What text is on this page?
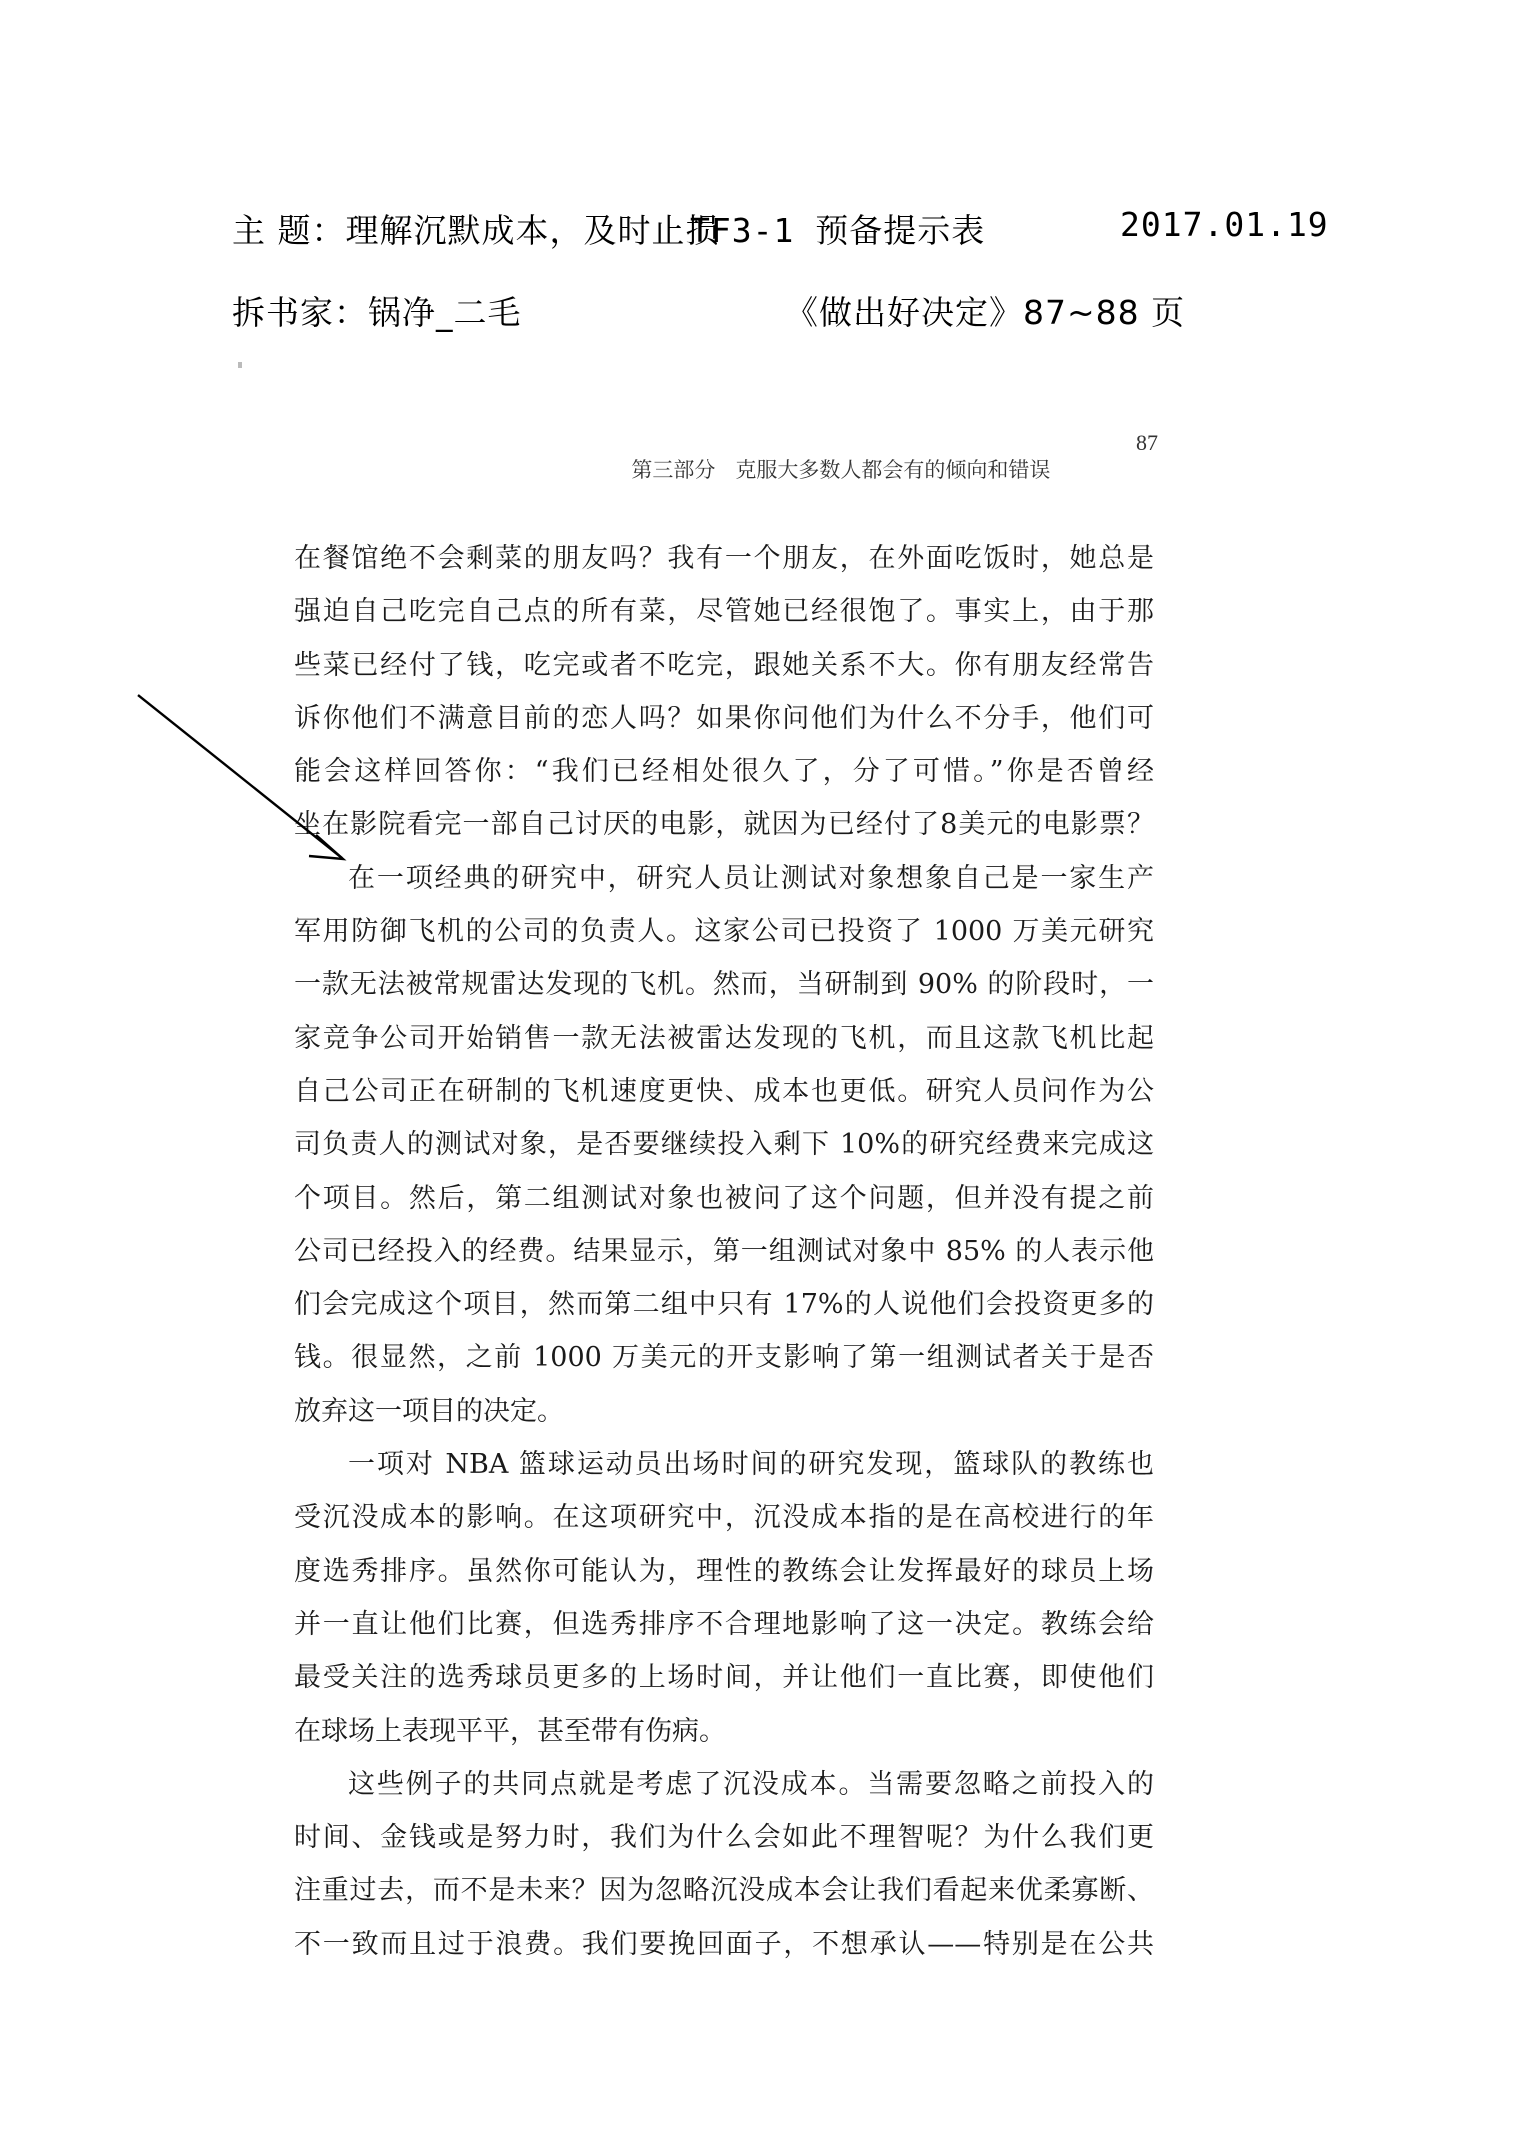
主 题：理解沉默成本，及时止损
TF3-1 预备提示表	2017.01.19
拆书家：锅净_二毛	《做出好决定》87~88 页

第三部分   克服大多数人都会有的倾向和错误

87

在餐馆绝不会剩菜的朋友吗？我有一个朋友，在外面吃饭时，她总是
强迫自己吃完自己点的所有菜，尽管她已经很饱了。事实上，由于那
些菜已经付了钱，吃完或者不吃完，跟她关系不大。你有朋友经常告
诉你他们不满意目前的恋人吗？如果你问他们为什么不分手，他们可
能会这样回答你：“我们已经相处很久了，分了可惜。”你是否曾经
坐在影院看完一部自己讨厌的电影，就因为已经付了8美元的电影票？

在一项经典的研究中，研究人员让测试对象想象自己是一家生产
军用防御飞机的公司的负责人。这家公司已投资了 1000 万美元研究
一款无法被常规雷达发现的飞机。然而，当研制到 90% 的阶段时，一
家竞争公司开始销售一款无法被雷达发现的飞机，而且这款飞机比起
自己公司正在研制的飞机速度更快、成本也更低。研究人员问作为公
司负责人的测试对象，是否要继续投入剩下 10%的研究经费来完成这
个项目。然后，第二组测试对象也被问了这个问题，但并没有提之前
公司已经投入的经费。结果显示，第一组测试对象中 85% 的人表示他
们会完成这个项目，然而第二组中只有 17%的人说他们会投资更多的
钱。很显然，之前 1000 万美元的开支影响了第一组测试者关于是否
放弃这一项目的决定。

一项对 NBA 篮球运动员出场时间的研究发现，篮球队的教练也
受沉没成本的影响。在这项研究中，沉没成本指的是在高校进行的年
度选秀排序。虽然你可能认为，理性的教练会让发挥最好的球员上场
并一直让他们比赛，但选秀排序不合理地影响了这一决定。教练会给
最受关注的选秀球员更多的上场时间，并让他们一直比赛，即使他们
在球场上表现平平，甚至带有伤病。

这些例子的共同点就是考虑了沉没成本。当需要忽略之前投入的
时间、金钱或是努力时，我们为什么会如此不理智呢？为什么我们更
注重过去，而不是未来？因为忽略沉没成本会让我们看起来优柔寡断、
不一致而且过于浪费。我们要挽回面子，不想承认——特别是在公共
